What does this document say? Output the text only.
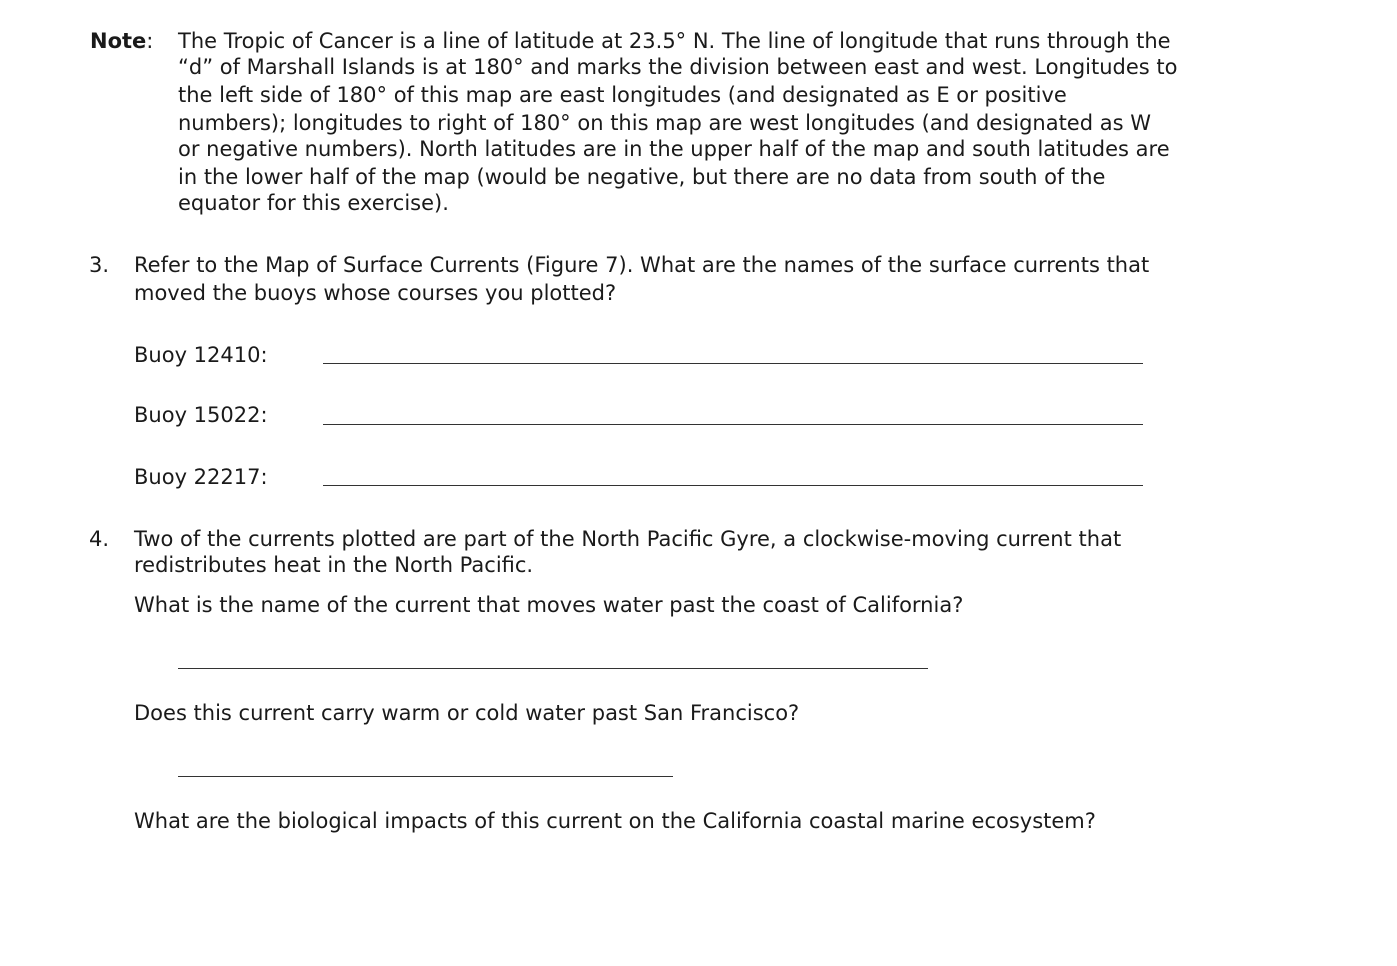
Note: The Tropic of Cancer is a line of latitude at 23.5° N. The line of longitude that runs through the
“d” of Marshall Islands is at 180° and marks the division between east and west. Longitudes to
the left side of 180° of this map are east longitudes (and designated as E or positive
numbers); longitudes to right of 180° on this map are west longitudes (and designated as W
or negative numbers). North latitudes are in the upper half of the map and south latitudes are
in the lower half of the map (would be negative, but there are no data from south of the
equator for this exercise).
3. Refer to the Map of Surface Currents (Figure 7). What are the names of the surface currents that
moved the buoys whose courses you plotted?
Buoy 12410:
Buoy 15022:
Buoy 22217:
4. Two of the currents plotted are part of the North Pacific Gyre, a clockwise-moving current that
redistributes heat in the North Pacific.
What is the name of the current that moves water past the coast of California?
Does this current carry warm or cold water past San Francisco?
What are the biological impacts of this current on the California coastal marine ecosystem?
